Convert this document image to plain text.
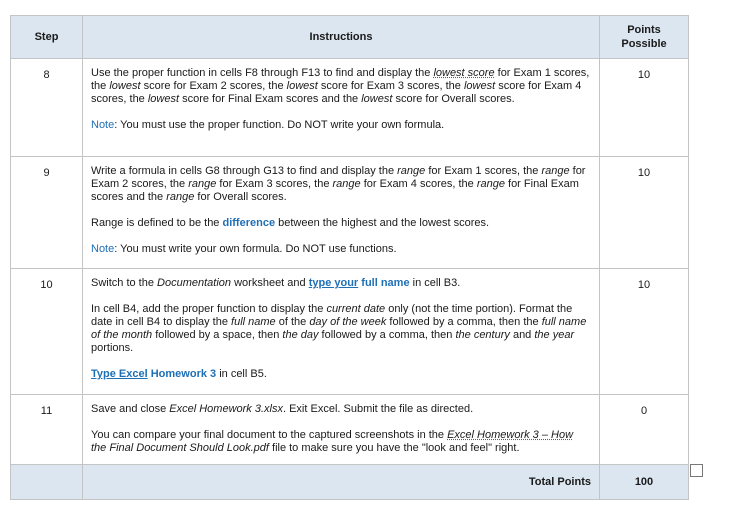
Step	Instructions	Points
Possible
8	Use the proper function in cells F8 through F13 to find and display the lowest score for Exam 1 scores, the lowest score for Exam 2 scores, the lowest score for Exam 3 scores, the lowest score for Exam 4 scores, the lowest score for Final Exam scores and the lowest score for Overall scores.

Note: You must use the proper function. Do NOT write your own formula.	10
9	Write a formula in cells G8 through G13 to find and display the range for Exam 1 scores, the range for Exam 2 scores, the range for Exam 3 scores, the range for Exam 4 scores, the range for Final Exam scores and the range for Overall scores.

Range is defined to be the difference between the highest and the lowest scores.

Note: You must write your own formula. Do NOT use functions.	10
10	Switch to the Documentation worksheet and type your full name in cell B3.

In cell B4, add the proper function to display the current date only (not the time portion). Format the date in cell B4 to display the full name of the day of the week followed by a comma, then the full name of the month followed by a space, then the day followed by a comma, then the century and the year portions.

Type Excel Homework 3 in cell B5.	10
11	Save and close Excel Homework 3.xlsx. Exit Excel. Submit the file as directed.

You can compare your final document to the captured screenshots in the Excel Homework 3 – How the Final Document Should Look.pdf file to make sure you have the "look and feel" right.	0
	Total Points	100
